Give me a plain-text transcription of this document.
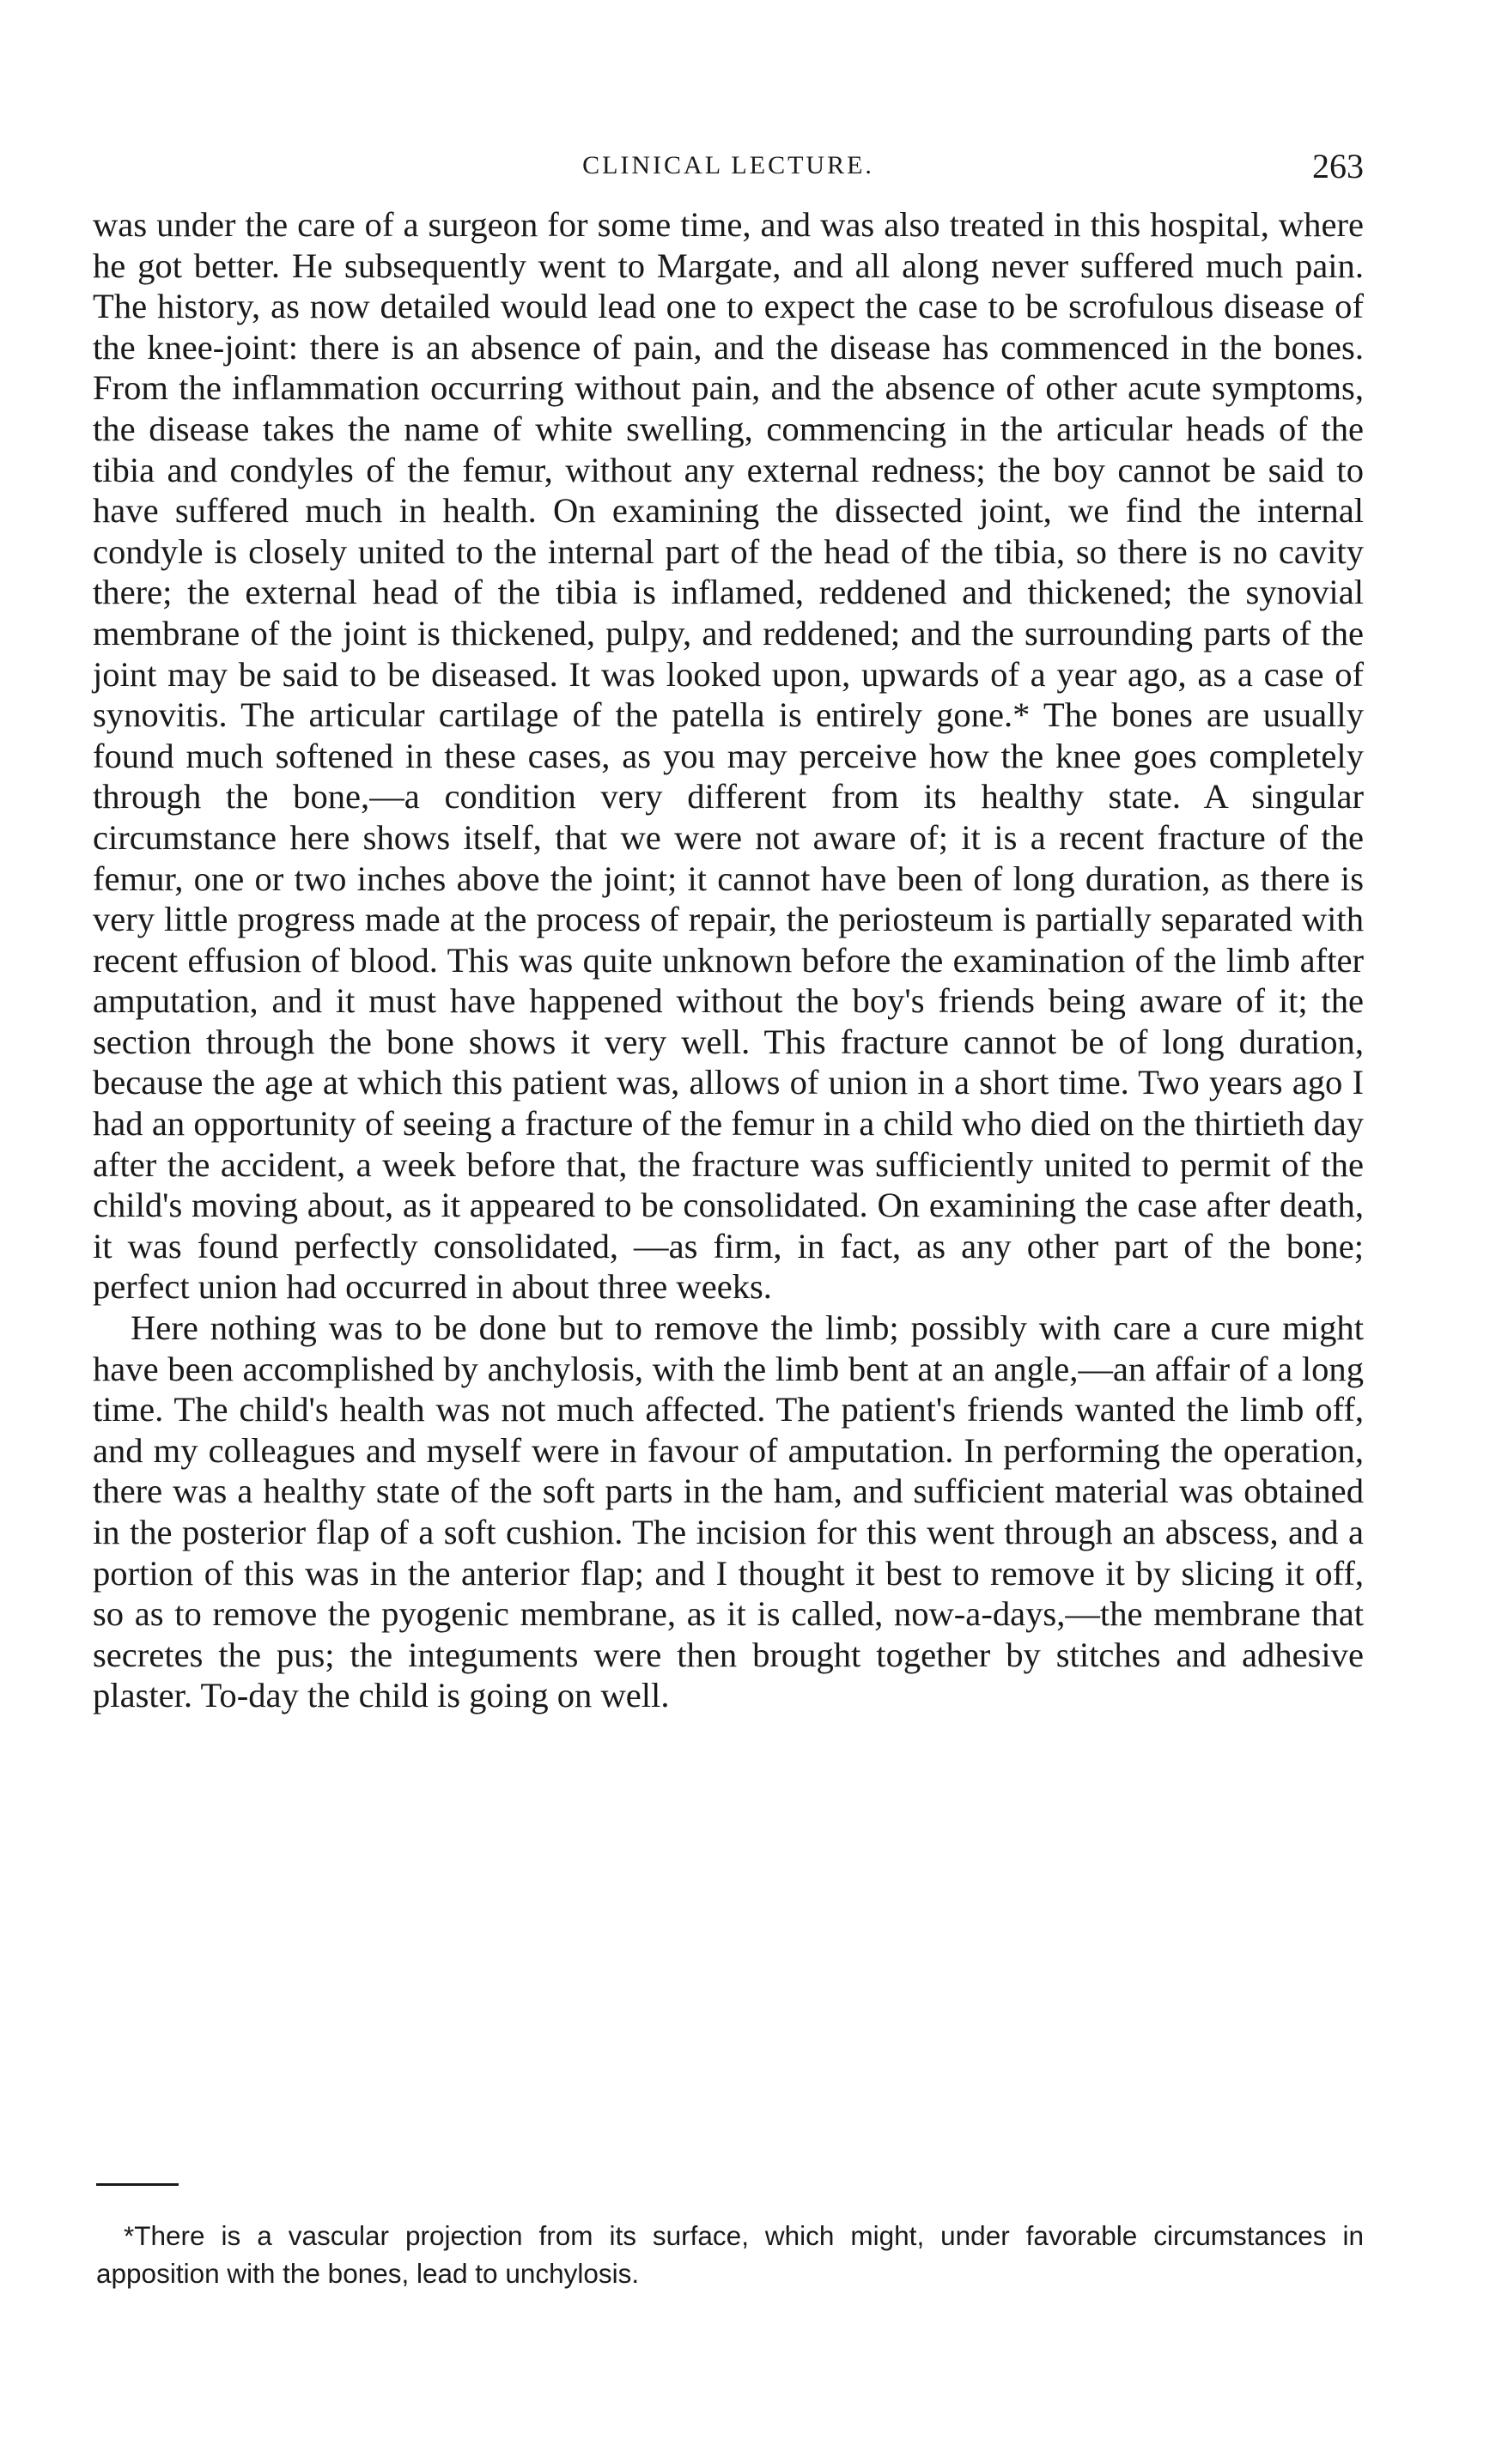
CLINICAL LECTURE.	263

was under the care of a surgeon for some time, and was also treated in this hospital, where he got better. He subsequently went to Margate, and all along never suffered much pain. The history, as now detailed would lead one to expect the case to be scrofulous disease of the knee-joint: there is an absence of pain, and the disease has commenced in the bones. From the inflammation occurring without pain, and the absence of other acute symptoms, the disease takes the name of white swelling, commencing in the articular heads of the tibia and condyles of the femur, without any external redness; the boy cannot be said to have suffered much in health. On examining the dissected joint, we find the internal condyle is closely united to the internal part of the head of the tibia, so there is no cavity there; the external head of the tibia is inflamed, reddened and thickened; the synovial membrane of the joint is thickened, pulpy, and reddened; and the surrounding parts of the joint may be said to be diseased. It was looked upon, upwards of a year ago, as a case of synovitis. The articular cartilage of the patella is entirely gone.* The bones are usually found much softened in these cases, as you may perceive how the knee goes completely through the bone,—a condition very different from its healthy state. A singular circumstance here shows itself, that we were not aware of; it is a recent fracture of the femur, one or two inches above the joint; it cannot have been of long duration, as there is very little progress made at the process of repair, the periosteum is partially separated with recent effusion of blood. This was quite unknown before the examination of the limb after amputation, and it must have happened without the boy's friends being aware of it; the section through the bone shows it very well. This fracture cannot be of long duration, because the age at which this patient was, allows of union in a short time. Two years ago I had an opportunity of seeing a fracture of the femur in a child who died on the thirtieth day after the accident, a week before that, the fracture was sufficiently united to permit of the child's moving about, as it appeared to be consolidated. On examining the case after death, it was found perfectly consolidated, —as firm, in fact, as any other part of the bone; perfect union had occurred in about three weeks.

Here nothing was to be done but to remove the limb; possibly with care a cure might have been accomplished by anchylosis, with the limb bent at an angle,—an affair of a long time. The child's health was not much affected. The patient's friends wanted the limb off, and my colleagues and myself were in favour of amputation. In performing the operation, there was a healthy state of the soft parts in the ham, and sufficient material was obtained in the posterior flap of a soft cushion. The incision for this went through an abscess, and a portion of this was in the anterior flap; and I thought it best to remove it by slicing it off, so as to remove the pyogenic membrane, as it is called, now-a-days,—the membrane that secretes the pus; the integuments were then brought together by stitches and adhesive plaster. To-day the child is going on well.

*There is a vascular projection from its surface, which might, under favorable circumstances in apposition with the bones, lead to unchylosis.
